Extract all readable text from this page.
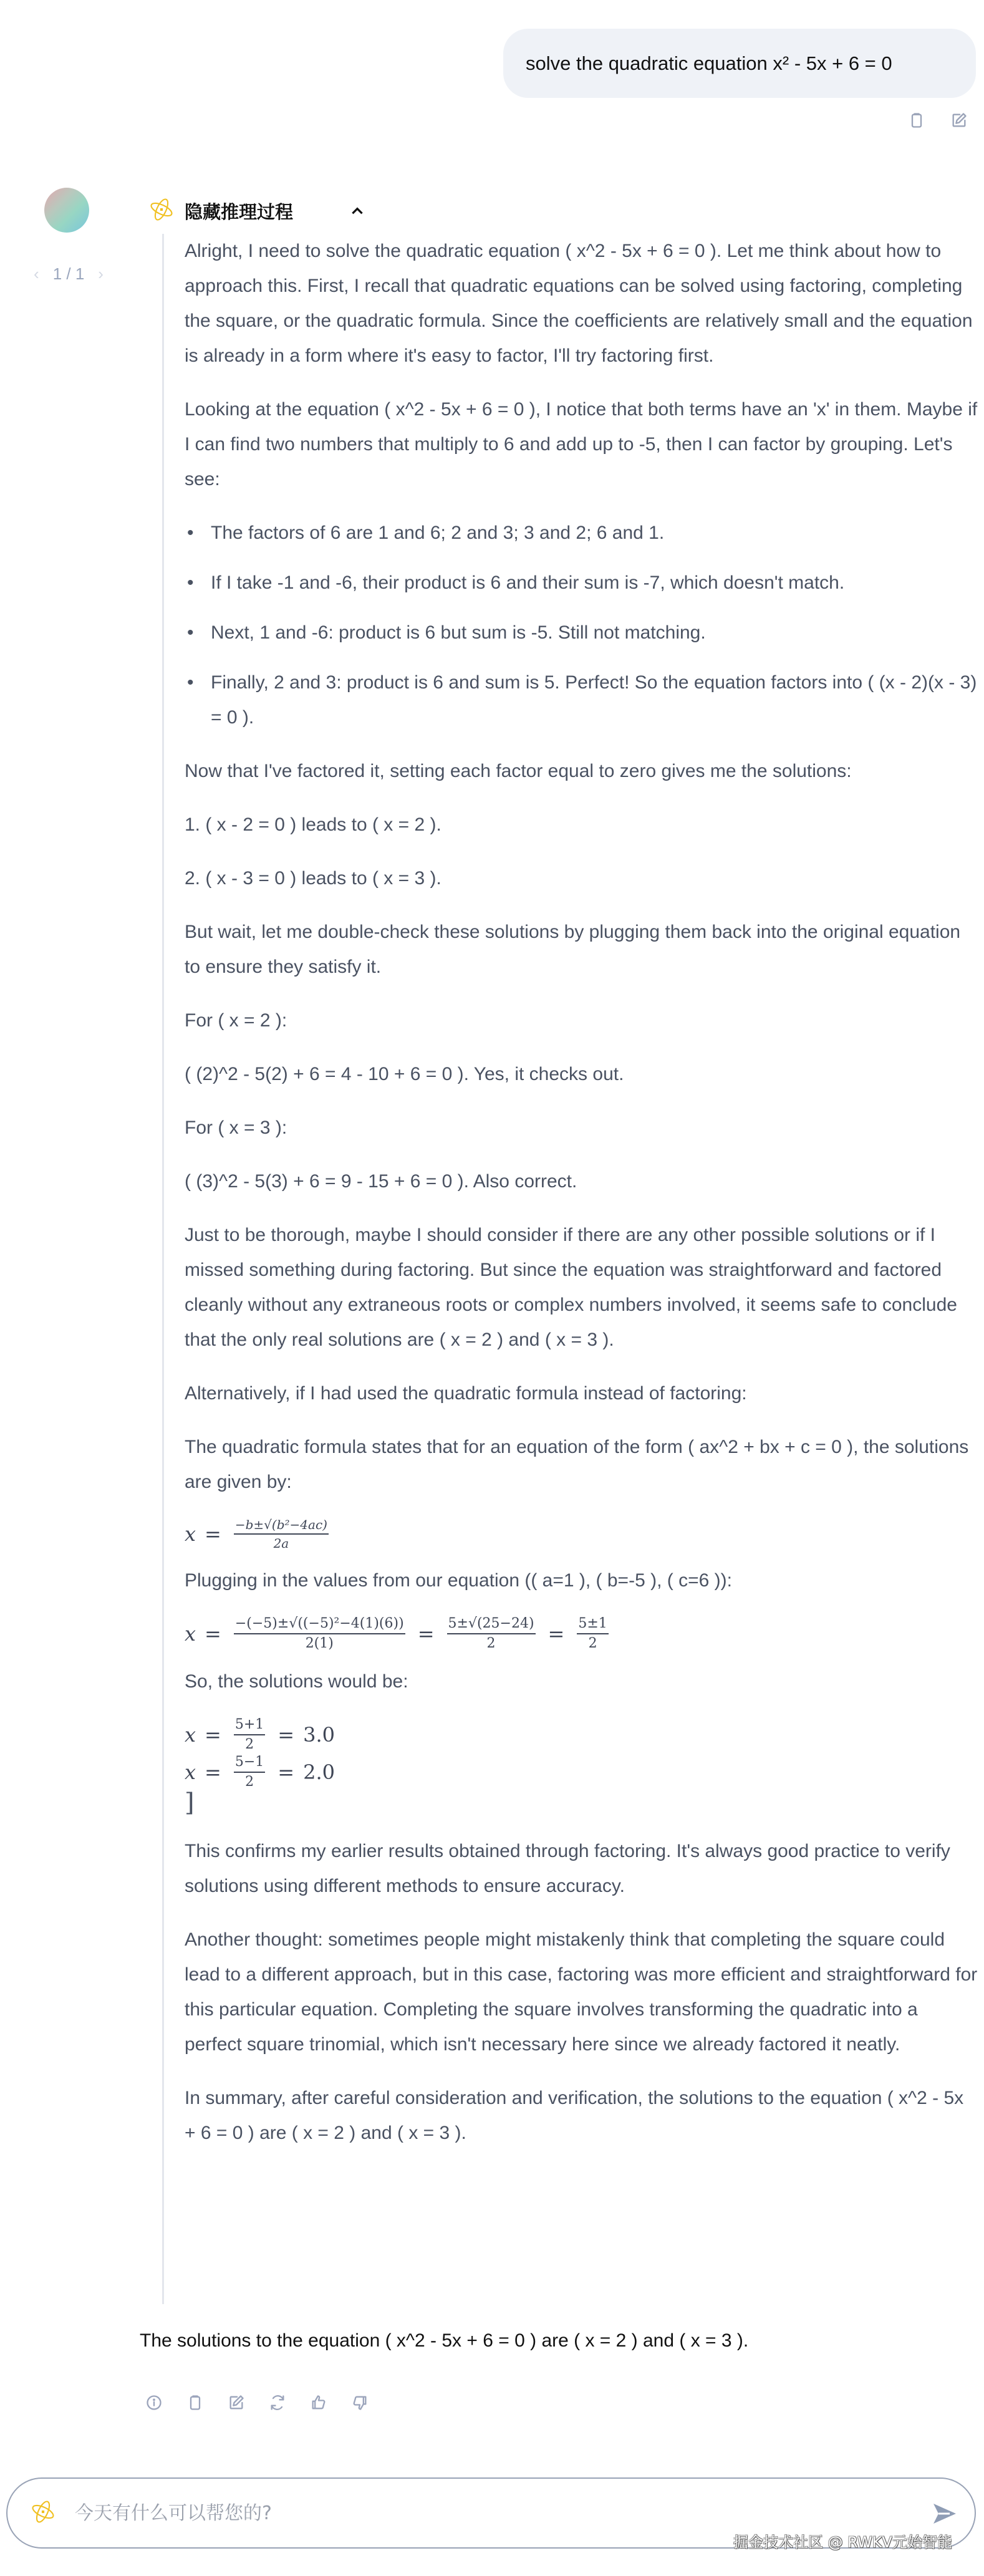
solve the quadratic equation x² - 5x + 6 = 0
‹ 1 / 1 ›
隐藏推理过程

Alright, I need to solve the quadratic equation ( x^2 - 5x + 6 = 0 ). Let me think about how to approach this. First, I recall that quadratic equations can be solved using factoring, completing the square, or the quadratic formula. Since the coefficients are relatively small and the equation is already in a form where it's easy to factor, I'll try factoring first.

Looking at the equation ( x^2 - 5x + 6 = 0 ), I notice that both terms have an 'x' in them. Maybe if I can find two numbers that multiply to 6 and add up to -5, then I can factor by grouping. Let's see:

• The factors of 6 are 1 and 6; 2 and 3; 3 and 2; 6 and 1.
• If I take -1 and -6, their product is 6 and their sum is -7, which doesn't match.
• Next, 1 and -6: product is 6 but sum is -5. Still not matching.
• Finally, 2 and 3: product is 6 and sum is 5. Perfect! So the equation factors into ( (x - 2)(x - 3) = 0 ).

Now that I've factored it, setting each factor equal to zero gives me the solutions:

1. ( x - 2 = 0 ) leads to ( x = 2 ).

2. ( x - 3 = 0 ) leads to ( x = 3 ).

But wait, let me double-check these solutions by plugging them back into the original equation to ensure they satisfy it.

For ( x = 2 ):

( (2)^2 - 5(2) + 6 = 4 - 10 + 6 = 0 ). Yes, it checks out.

For ( x = 3 ):

( (3)^2 - 5(3) + 6 = 9 - 15 + 6 = 0 ). Also correct.

Just to be thorough, maybe I should consider if there are any other possible solutions or if I missed something during factoring. But since the equation was straightforward and factored cleanly without any extraneous roots or complex numbers involved, it seems safe to conclude that the only real solutions are ( x = 2 ) and ( x = 3 ).

Alternatively, if I had used the quadratic formula instead of factoring:

The quadratic formula states that for an equation of the form ( ax^2 + bx + c = 0 ), the solutions are given by:

$x = \frac{\text{−b±√(b²−4ac)}}{2a}$

Plugging in the values from our equation (( a=1 ), ( b=-5 ), ( c=6 )):

$x = \frac{\text{−(−5)±√((−5)²−4(1)(6))}}{2(1)} = \frac{5\pm√(25-24)}{2} = \frac{5\pm 1}{2}$

So, the solutions would be:

$x = \frac{5+1}{2} = 3.0$
$x = \frac{5-1}{2} = 2.0$
]

This confirms my earlier results obtained through factoring. It's always good practice to verify solutions using different methods to ensure accuracy.

Another thought: sometimes people might mistakenly think that completing the square could lead to a different approach, but in this case, factoring was more efficient and straightforward for this particular equation. Completing the square involves transforming the quadratic into a perfect square trinomial, which isn't necessary here since we already factored it neatly.

In summary, after careful consideration and verification, the solutions to the equation ( x^2 - 5x + 6 = 0 ) are ( x = 2 ) and ( x = 3 ).

The solutions to the equation ( x^2 - 5x + 6 = 0 ) are ( x = 2 ) and ( x = 3 ).
今天有什么可以帮您的?
掘金技术社区 @ RWKV元始智能
